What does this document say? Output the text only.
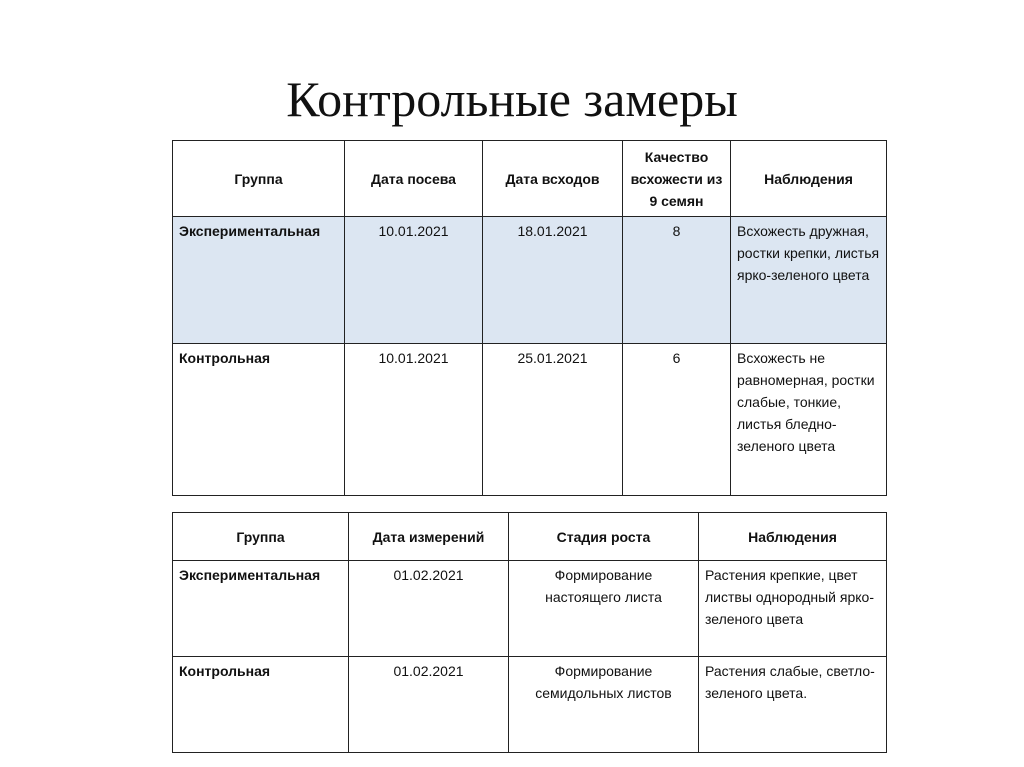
Контрольные замеры
Группа	Дата посева	Дата всходов	Качество всхожести из 9 семян	Наблюдения
Экспериментальная	10.01.2021	18.01.2021	8	Всхожесть дружная, ростки крепки, листья ярко-зеленого цвета
Контрольная	10.01.2021	25.01.2021	6	Всхожесть не равномерная, ростки слабые, тонкие, листья бледно-зеленого цвета
Группа	Дата измерений	Стадия роста	Наблюдения
Экспериментальная	01.02.2021	Формирование настоящего листа	Растения крепкие, цвет листвы однородный ярко-зеленого цвета
Контрольная	01.02.2021	Формирование семидольных листов	Растения слабые, светло-зеленого цвета.
